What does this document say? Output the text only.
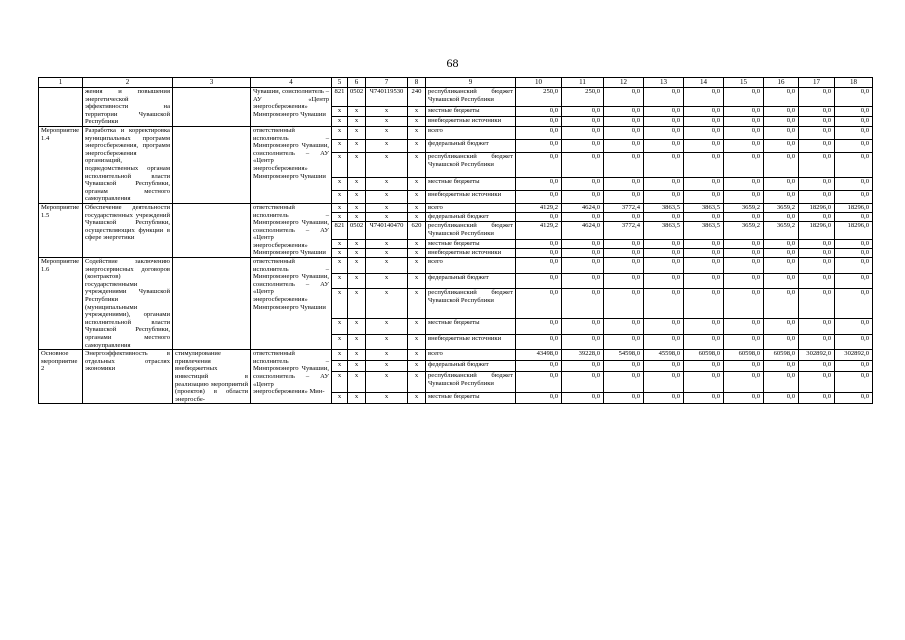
68
1	2	3	4	5	6	7	8	9	10	11	12	13	14	15	16	17	18
	жения и повышения энергетической эффективности на территории Чувашской Республики		Чувашии, соисполнитель – АУ «Центр энергосбережения» Минпромэнерго Чувашии	821	0502	Ч740119530	240	республиканский бюджет Чувашской Республики	250,0	250,0	0,0	0,0	0,0	0,0	0,0	0,0	0,0
				x	x	x	x	местные бюджеты	0,0	0,0	0,0	0,0	0,0	0,0	0,0	0,0	0,0
				x	x	x	x	внебюджетные источники	0,0	0,0	0,0	0,0	0,0	0,0	0,0	0,0	0,0
Мероприятие 1.4	Разработка и корректировка муниципальных программ энергосбережения, программ энергосбережения организаций, подведомственных органам исполнительной власти Чувашской Республики, органам местного самоуправления		ответственный исполнитель – Минпромэнерго Чувашии, соисполнитель – АУ «Центр энергосбережения» Минпромэнерго Чувашии	x	x	x	x	всего	0,0	0,0	0,0	0,0	0,0	0,0	0,0	0,0	0,0
				x	x	x	x	федеральный бюджет	0,0	0,0	0,0	0,0	0,0	0,0	0,0	0,0	0,0
				x	x	x	x	республиканский бюджет Чувашской Республики	0,0	0,0	0,0	0,0	0,0	0,0	0,0	0,0	0,0
				x	x	x	x	местные бюджеты	0,0	0,0	0,0	0,0	0,0	0,0	0,0	0,0	0,0
				x	x	x	x	внебюджетные источники	0,0	0,0	0,0	0,0	0,0	0,0	0,0	0,0	0,0
Мероприятие 1.5	Обеспечение деятельности государственных учреждений Чувашской Республики, осуществляющих функции в сфере энергетики		ответственный исполнитель – Минпромэнерго Чувашии, соисполнитель – АУ «Центр энергосбережения» Минпромэнерго Чувашии	x	x	x	x	всего	4129,2	4624,0	3772,4	3863,5	3863,5	3659,2	3659,2	18296,0	18296,0
				x	x	x	x	федеральный бюджет	0,0	0,0	0,0	0,0	0,0	0,0	0,0	0,0	0,0
				821	0502	Ч740140470	620	республиканский бюджет Чувашской Республики	4129,2	4624,0	3772,4	3863,5	3863,5	3659,2	3659,2	18296,0	18296,0
				x	x	x	x	местные бюджеты	0,0	0,0	0,0	0,0	0,0	0,0	0,0	0,0	0,0
				x	x	x	x	внебюджетные источники	0,0	0,0	0,0	0,0	0,0	0,0	0,0	0,0	0,0
Мероприятие 1.6	Содействие заключению энергосервисных договоров (контрактов) государственными учреждениями Чувашской Республики (муниципальными учреждениями), органами исполнительной власти Чувашской Республики, органами местного самоуправления		ответственный исполнитель – Минпромэнерго Чувашии, соисполнитель – АУ «Центр энергосбережения» Минпромэнерго Чувашии	x	x	x	x	всего	0,0	0,0	0,0	0,0	0,0	0,0	0,0	0,0	0,0
				x	x	x	x	федеральный бюджет	0,0	0,0	0,0	0,0	0,0	0,0	0,0	0,0	0,0
				x	x	x	x	республиканский бюджет Чувашской Республики	0,0	0,0	0,0	0,0	0,0	0,0	0,0	0,0	0,0
				x	x	x	x	местные бюджеты	0,0	0,0	0,0	0,0	0,0	0,0	0,0	0,0	0,0
				x	x	x	x	внебюджетные источники	0,0	0,0	0,0	0,0	0,0	0,0	0,0	0,0	0,0
Основное мероприятие 2	Энергоэффективность в отдельных отраслях экономики	стимулирование привлечения внебюджетных инвестиций в реализацию мероприятий (проектов) в области энергосбе-	ответственный исполнитель – Минпромэнерго Чувашии, соисполнитель – АУ «Центр энергосбережения» Мин-	x	x	x	x	всего	43498,0	39228,0	54598,0	45598,0	60598,0	60598,0	60598,0	302892,0	302892,0
				x	x	x	x	федеральный бюджет	0,0	0,0	0,0	0,0	0,0	0,0	0,0	0,0	0,0
				x	x	x	x	республиканский бюджет Чувашской Республики	0,0	0,0	0,0	0,0	0,0	0,0	0,0	0,0	0,0
				x	x	x	x	местные бюджеты	0,0	0,0	0,0	0,0	0,0	0,0	0,0	0,0	0,0
